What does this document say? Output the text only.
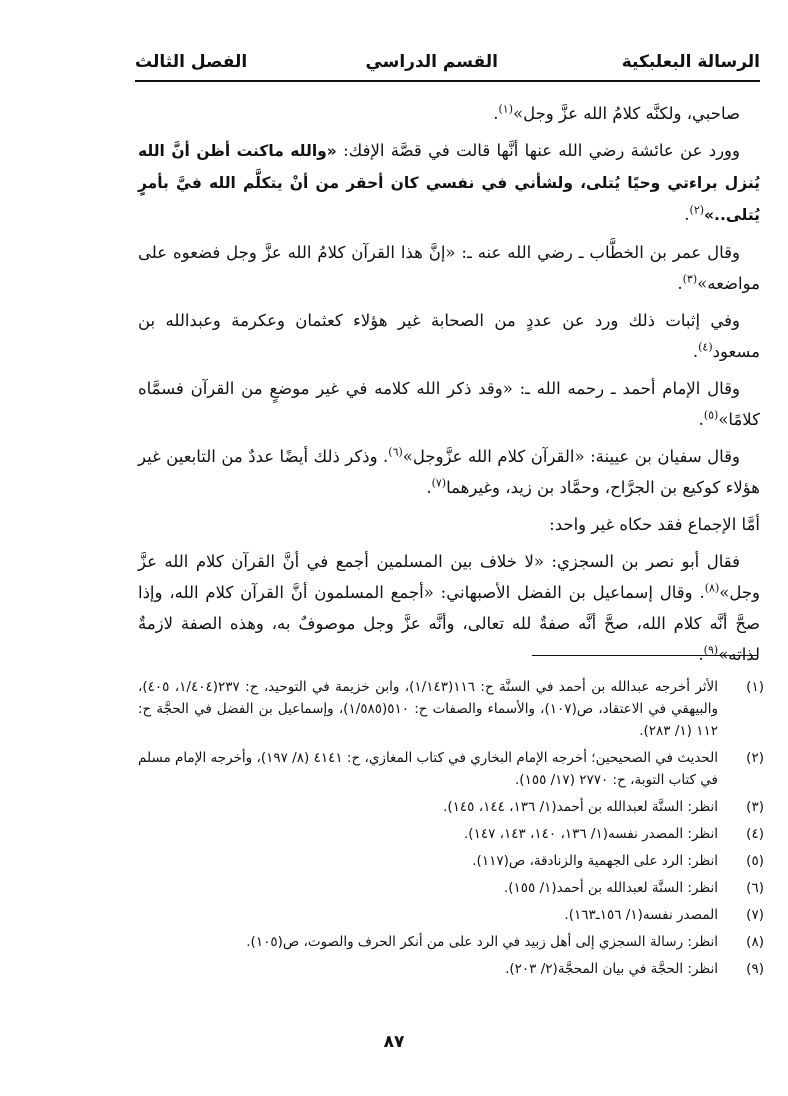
الرسالة البعلبكية
القسم الدراسي
الفصل الثالث

صاحبي، ولكنَّه كلامُ الله عزَّ وجل»$^{(١)}$.

وورد عن عائشة رضي الله عنها أنَّها قالت في قصَّة الإفك: «والله ماكنت أظن أنَّ الله يُنزل براءتي وحيًا يُتلى، ولشأني في نفسي كان أحقر من أنْ يتكلَّم الله فيَّ بأمرٍ يُتلى..»$^{(٢)}$.

وقال عمر بن الخطَّاب ـ رضي الله عنه ـ: «إنَّ هذا القرآن كلامُ الله عزَّ وجل فضعوه على مواضعه»$^{(٣)}$.

وفي إثبات ذلك ورد عن عددٍ من الصحابة غير هؤلاء كعثمان وعكرمة وعبدالله بن مسعود$^{(٤)}$.

وقال الإمام أحمد ـ رحمه الله ـ: «وقد ذكر الله كلامه في غير موضعٍ من القرآن فسمَّاه كلامًا»$^{(٥)}$.

وقال سفيان بن عيينة: «القرآن كلام الله عزَّوجل»$^{(٦)}$. وذكر ذلك أيضًا عددٌ من التابعين غير هؤلاء كوكيع بن الجرَّاح، وحمَّاد بن زيد، وغيرهما$^{(٧)}$.

أمَّا الإجماع فقد حكاه غير واحد:

فقال أبو نصر بن السجزي: «لا خلاف بين المسلمين أجمع في أنَّ القرآن كلام الله عزَّ وجل»$^{(٨)}$. وقال إسماعيل بن الفضل الأصبهاني: «أجمع المسلمون أنَّ القرآن كلام الله، وإذا صحَّ أنَّه كلام الله، صحَّ أنَّه صفةٌ لله تعالى، وأنَّه عزَّ وجل موصوفٌ به، وهذه الصفة لازمةٌ لذاته»$^{(٩)}$.

(١)
الأثر أخرجه عبدالله بن أحمد في السنَّة ح: ١١٦(١/١٤٣)، وابن خزيمة في التوحيد، ح: ٢٣٧(١/٤٠٤، ٤٠٥)، والبيهقي في الاعتقاد، ص(١٠٧)، والأسماء والصفات ح: ٥١٠(١/٥٨٥)، وإسماعيل بن الفضل في الحجَّة ح: ١١٢ (١/ ٢٨٣).
(٢)
الحديث في الصحيحين؛ أخرجه الإمام البخاري في كتاب المغازي، ح: ٤١٤١ (٨/ ١٩٧)، وأخرجه الإمام مسلم في كتاب التوبة، ح: ٢٧٧٠ (١٧/ ١٥٥).
(٣)
انظر: السنَّة لعبدالله بن أحمد(١/ ١٣٦، ١٤٤، ١٤٥).
(٤)
انظر: المصدر نفسه(١/ ١٣٦، ١٤٠، ١٤٣، ١٤٧).
(٥)
انظر: الرد على الجهمية والزنادقة، ص(١١٧).
(٦)
انظر: السنَّة لعبدالله بن أحمد(١/ ١٥٥).
(٧)
المصدر نفسه(١/ ١٥٦ـ١٦٣).
(٨)
انظر: رسالة السجزي إلى أهل زبيد في الرد على من أنكر الحرف والصوت، ص(١٠٥).
(٩)
انظر: الحجَّة في بيان المحجَّة(٢/ ٢٠٣).
٨٧
